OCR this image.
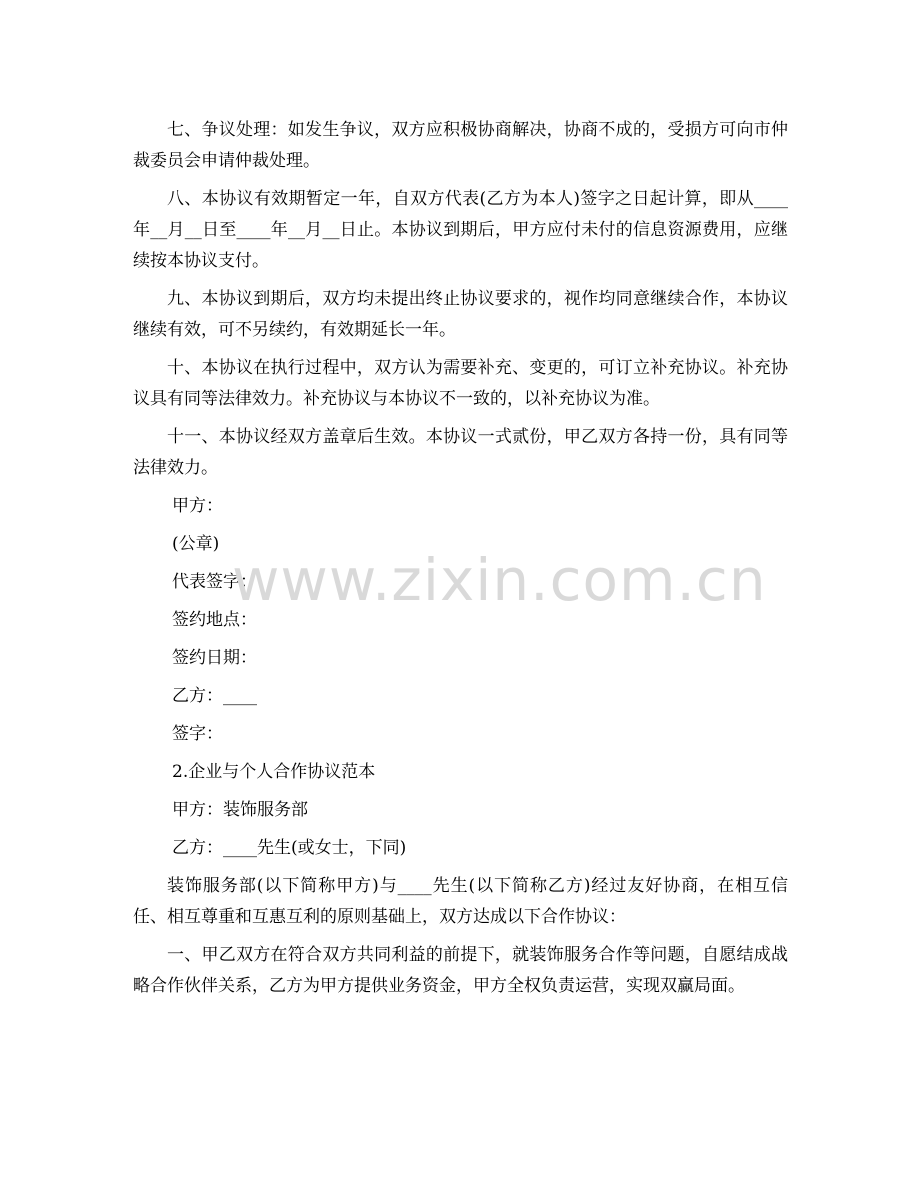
七、争议处理：如发生争议，双方应积极协商解决，协商不成的，受损方可向市仲裁委员会申请仲裁处理。

八、本协议有效期暂定一年，自双方代表(乙方为本人)签字之日起计算，即从____年__月__日至____年__月__日止。本协议到期后，甲方应付未付的信息资源费用，应继续按本协议支付。

九、本协议到期后，双方均未提出终止协议要求的，视作均同意继续合作，本协议继续有效，可不另续约，有效期延长一年。

十、本协议在执行过程中，双方认为需要补充、变更的，可订立补充协议。补充协议具有同等法律效力。补充协议与本协议不一致的，以补充协议为准。

十一、本协议经双方盖章后生效。本协议一式贰份，甲乙双方各持一份，具有同等法律效力。

甲方：

(公章)

代表签字：

签约地点：

签约日期：

乙方：____

签字：

2.企业与个人合作协议范本

甲方：装饰服务部

乙方：____先生(或女士，下同)

装饰服务部(以下简称甲方)与____先生(以下简称乙方)经过友好协商，在相互信任、相互尊重和互惠互利的原则基础上，双方达成以下合作协议：

一、甲乙双方在符合双方共同利益的前提下，就装饰服务合作等问题，自愿结成战略合作伙伴关系，乙方为甲方提供业务资金，甲方全权负责运营，实现双赢局面。

www.zixin.com.cn
